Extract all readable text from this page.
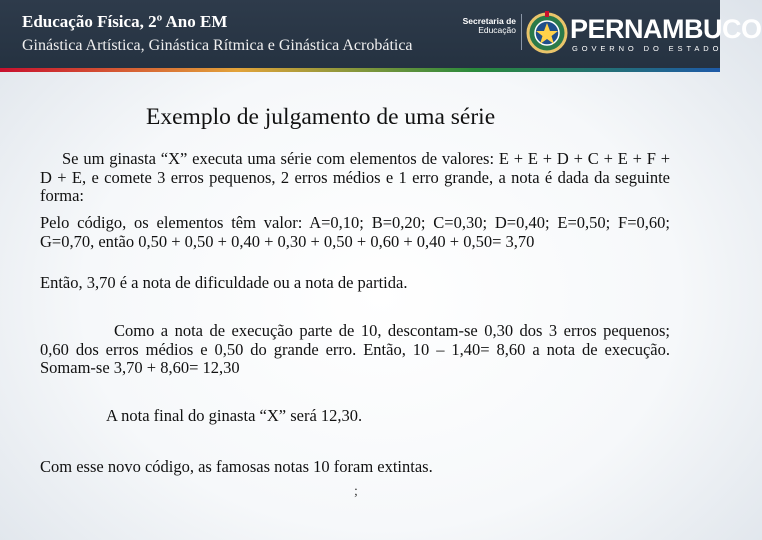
Educação Física, 2º Ano EM
Ginástica Artística, Ginástica Rítmica e Ginástica Acrobática
Secretaria de
Educação PERNAMBUCO
GOVERNO DO ESTADO
Exemplo de julgamento de uma série

Se um ginasta “X” executa uma série com elementos de valores: E + E + D + C + E + F + D + E, e comete 3 erros pequenos, 2 erros médios e 1 erro grande, a nota é dada da seguinte forma:

Pelo código, os elementos têm valor: A=0,10; B=0,20; C=0,30; D=0,40; E=0,50; F=0,60; G=0,70, então 0,50 + 0,50 + 0,40 + 0,30 + 0,50 + 0,60 + 0,40 + 0,50= 3,70

Então, 3,70 é a nota de dificuldade ou a nota de partida.

Como a nota de execução parte de 10, descontam-se 0,30 dos 3 erros pequenos; 0,60 dos erros médios e 0,50 do grande erro. Então, 10 – 1,40= 8,60 a nota de execução. Somam-se 3,70 + 8,60= 12,30

A nota final do ginasta “X” será 12,30.

Com esse novo código, as famosas notas 10 foram extintas.

;
